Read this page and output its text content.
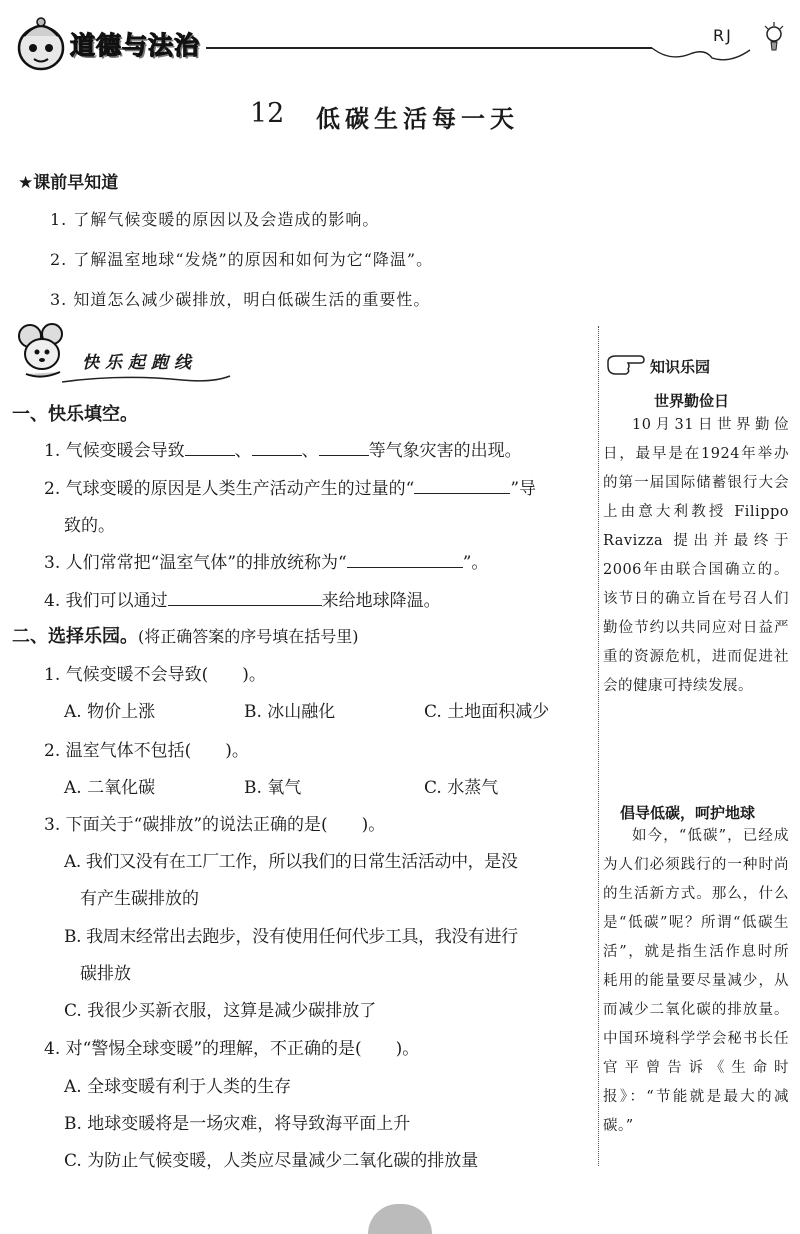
道德与法治	RJ
12 低碳生活每一天
★课前早知道
1. 了解气候变暖的原因以及会造成的影响。
2. 了解温室地球“发烧”的原因和如何为它“降温”。
3. 知道怎么减少碳排放，明白低碳生活的重要性。
快乐起跑线
一、快乐填空。
1. 气候变暖会导致	、	、	等气象灾害的出现。
2. 气球变暖的原因是人类生产活动产生的过量的“	”导
致的。
3. 人们常常把“温室气体”的排放统称为“	”。
4. 我们可以通过	来给地球降温。
二、选择乐园。(将正确答案的序号填在括号里)
1. 气候变暖不会导致(　　)。
A. 物价上涨	B. 冰山融化	C. 土地面积减少
2. 温室气体不包括(　　)。
A. 二氧化碳	B. 氧气	C. 水蒸气
3. 下面关于“碳排放”的说法正确的是(　　)。
A. 我们又没有在工厂工作，所以我们的日常生活活动中，是没
有产生碳排放的
B. 我周末经常出去跑步，没有使用任何代步工具，我没有进行
碳排放
C. 我很少买新衣服，这算是减少碳排放了
4. 对“警惕全球变暖”的理解，不正确的是(　　)。
A. 全球变暖有利于人类的生存
B. 地球变暖将是一场灾难，将导致海平面上升
C. 为防止气候变暖，人类应尽量减少二氧化碳的排放量
知识乐园
世界勤俭日
10月31日世界勤俭日，最早是在1924年举办的第一届国际储蓄银行大会上由意大利教授 Filippo Ravizza 提出并最终于2006年由联合国确立的。该节日的确立旨在号召人们勤俭节约以共同应对日益严重的资源危机，进而促进社会的健康可持续发展。
倡导低碳，呵护地球
如今，“低碳”，已经成为人们必须践行的一种时尚的生活新方式。那么，什么是“低碳”呢？所谓“低碳生活”，就是指生活作息时所耗用的能量要尽量减少，从而减少二氧化碳的排放量。中国环境科学学会秘书长任官平曾告诉《生命时报》：“节能就是最大的减碳。”
